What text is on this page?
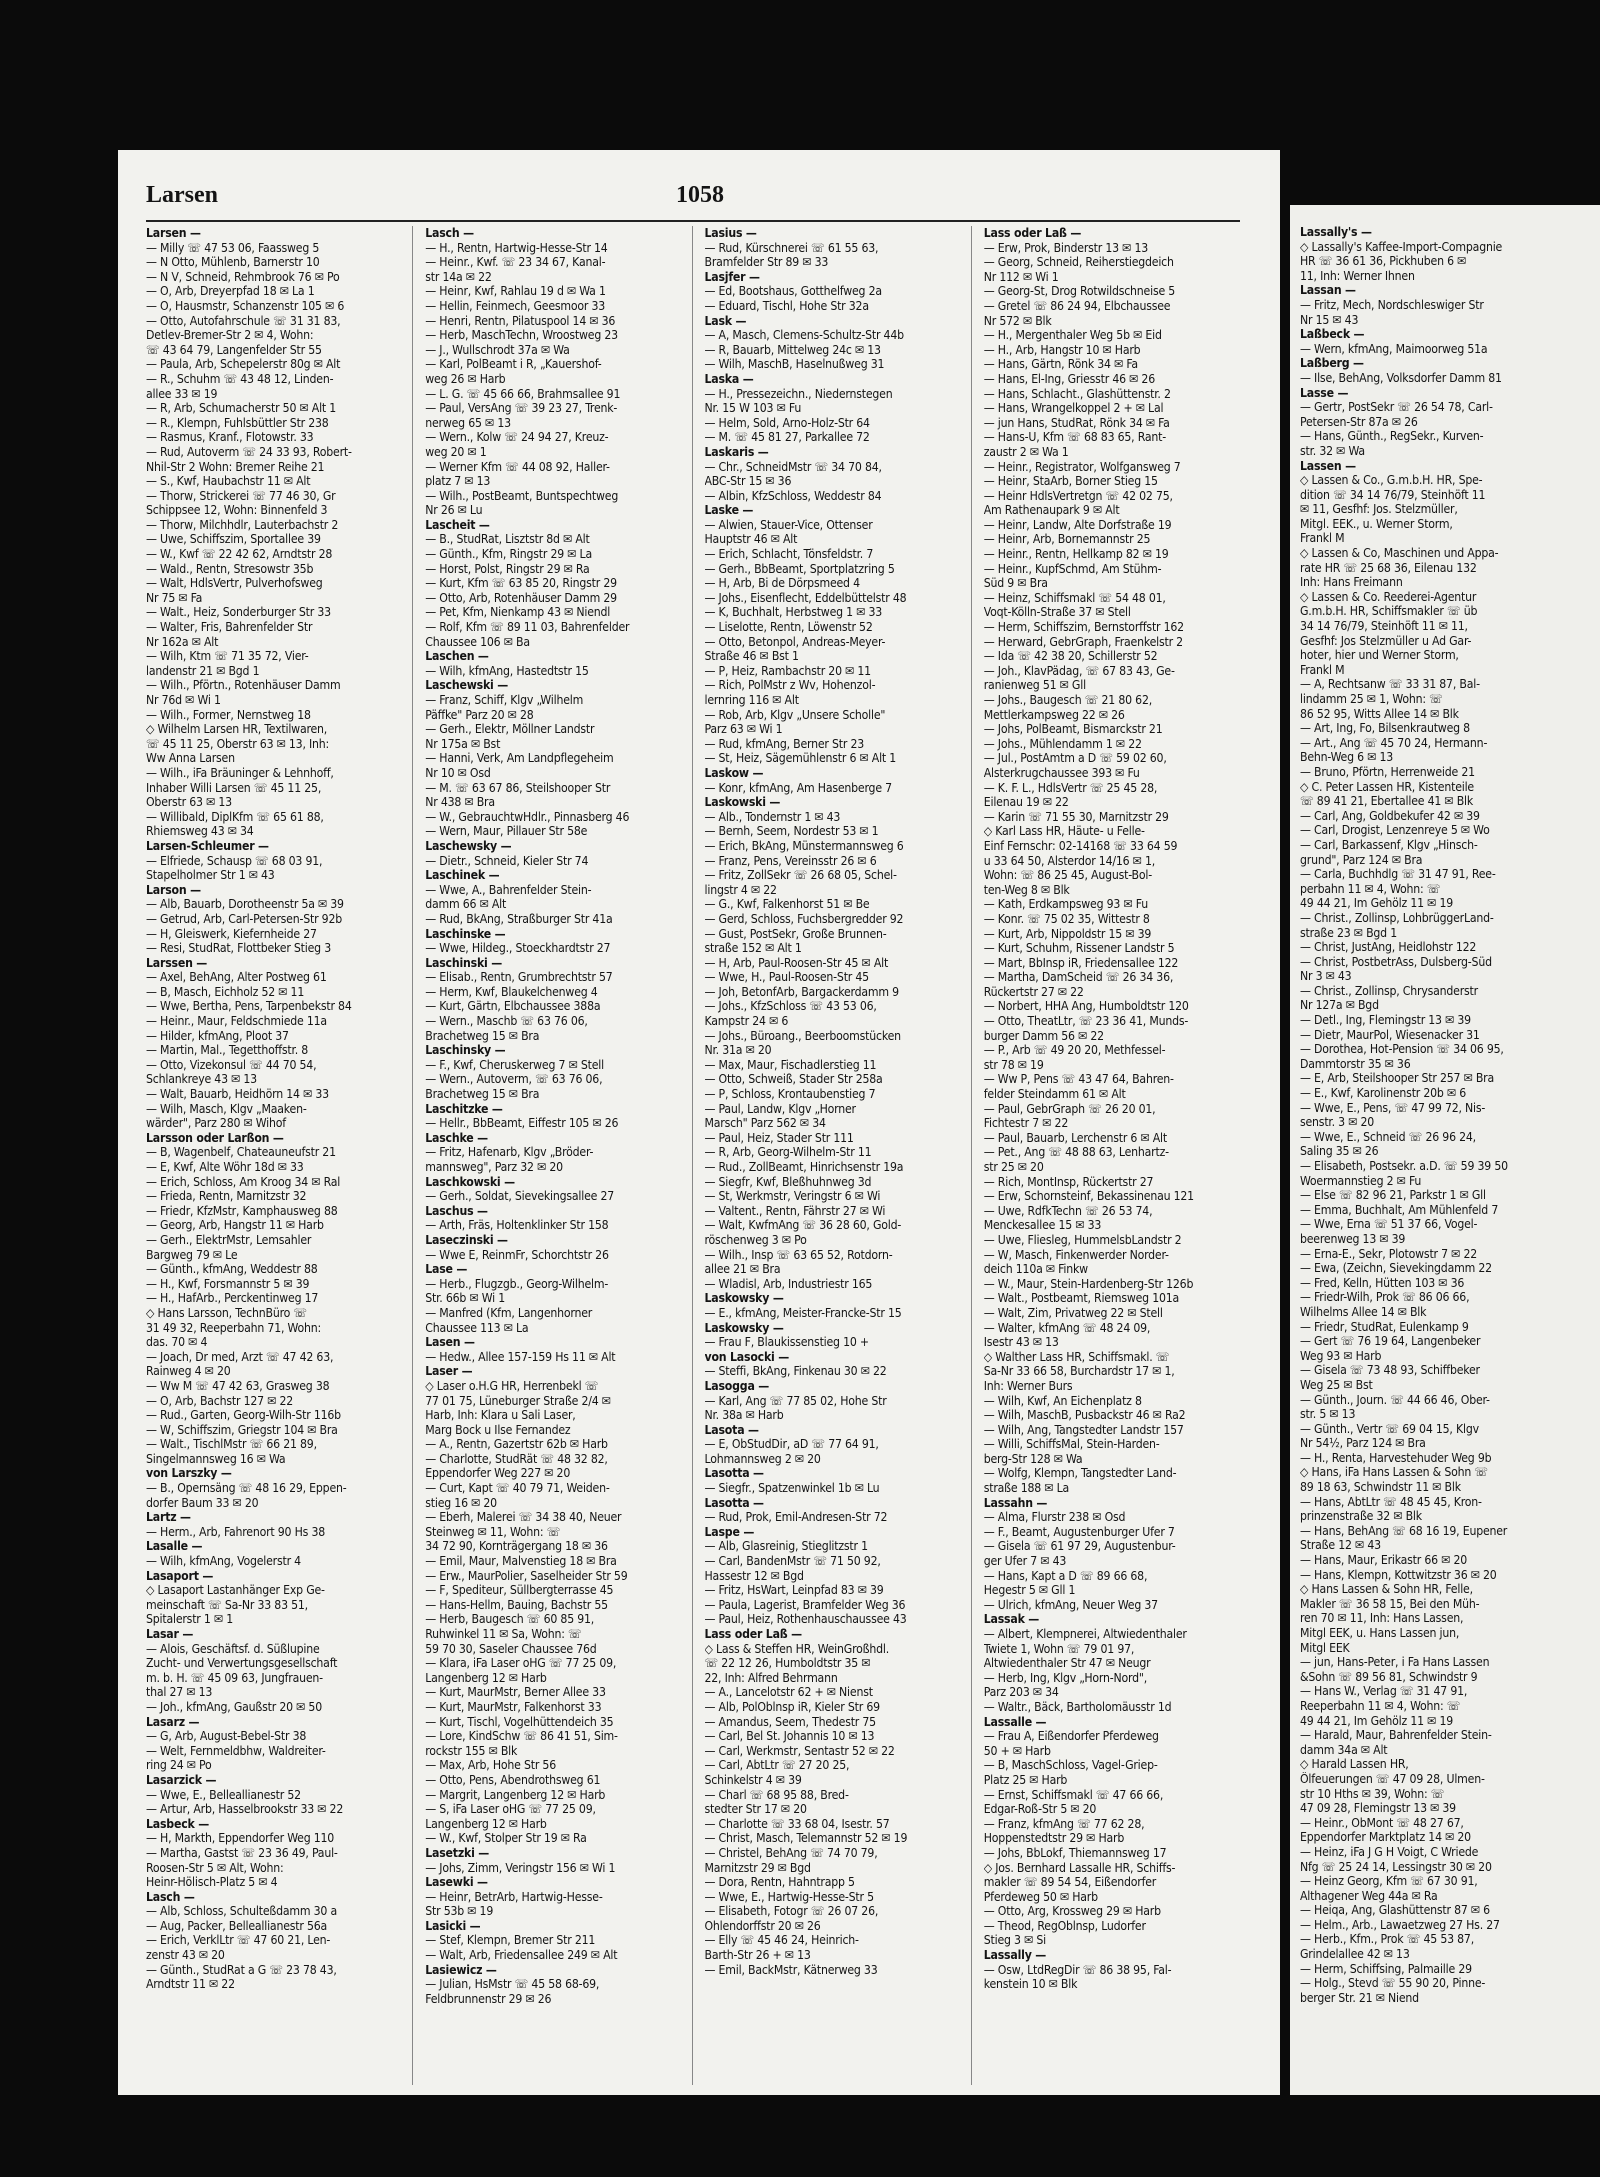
Larsen	1058
Larsen —
— Milly ☏ 47 53 06, Faassweg 5
— N Otto, Mühlenb, Barnerstr 10
— N V, Schneid, Rehmbrook 76 ✉ Po
— O, Arb, Dreyerpfad 18 ✉ La 1
— O, Hausmstr, Schanzenstr 105 ✉ 6
— Otto, Autofahrschule ☏ 31 31 83,
Detlev-Bremer-Str 2 ✉ 4, Wohn:
☏ 43 64 79, Langenfelder Str 55
— Paula, Arb, Schepelerstr 80g ✉ Alt
— R., Schuhm ☏ 43 48 12, Linden-
allee 33 ✉ 19
— R, Arb, Schumacherstr 50 ✉ Alt 1
— R., Klempn, Fuhlsbüttler Str 238
— Rasmus, Kranf., Flotowstr. 33
— Rud, Autoverm ☏ 24 33 93, Robert-
Nhil-Str 2 Wohn: Bremer Reihe 21
— S., Kwf, Haubachstr 11 ✉ Alt
— Thorw, Strickerei ☏ 77 46 30, Gr
Schippsee 12, Wohn: Binnenfeld 3
— Thorw, Milchhdlr, Lauterbachstr 2
— Uwe, Schiffszim, Sportallee 39
— W., Kwf ☏ 22 42 62, Arndtstr 28
— Wald., Rentn, Stresowstr 35b
— Walt, HdlsVertr, Pulverhofsweg
Nr 75 ✉ Fa
— Walt., Heiz, Sonderburger Str 33
— Walter, Fris, Bahrenfelder Str
Nr 162a ✉ Alt
— Wilh, Ktm ☏ 71 35 72, Vier-
landenstr 21 ✉ Bgd 1
— Wilh., Pförtn., Rotenhäuser Damm
Nr 76d ✉ Wi 1
— Wilh., Former, Nernstweg 18
◇ Wilhelm Larsen HR, Textilwaren,
☏ 45 11 25, Oberstr 63 ✉ 13, Inh:
Ww Anna Larsen
— Wilh., iFa Bräuninger & Lehnhoff,
Inhaber Willi Larsen ☏ 45 11 25,
Oberstr 63 ✉ 13
— Willibald, DiplKfm ☏ 65 61 88,
Rhiemsweg 43 ✉ 34
Larsen-Schleumer —
— Elfriede, Schausp ☏ 68 03 91,
Stapelholmer Str 1 ✉ 43
Larson —
— Alb, Bauarb, Dorotheenstr 5a ✉ 39
— Getrud, Arb, Carl-Petersen-Str 92b
— H, Gleiswerk, Kiefernheide 27
— Resi, StudRat, Flottbeker Stieg 3
Larssen —
— Axel, BehAng, Alter Postweg 61
— B, Masch, Eichholz 52 ✉ 11
— Wwe, Bertha, Pens, Tarpenbekstr 84
— Heinr., Maur, Feldschmiede 11a
— Hilder, kfmAng, Ploot 37
— Martin, Mal., Tegetthoffstr. 8
— Otto, Vizekonsul ☏ 44 70 54,
Schlankreye 43 ✉ 13
— Walt, Bauarb, Heidhörn 14 ✉ 33
— Wilh, Masch, Klgv „Maaken-
wärder", Parz 280 ✉ Wihof
Larsson oder Larßon —
— B, Wagenbelf, Chateauneufstr 21
— E, Kwf, Alte Wöhr 18d ✉ 33
— Erich, Schloss, Am Kroog 34 ✉ Ral
— Frieda, Rentn, Marnitzstr 32
— Friedr, KfzMstr, Kamphausweg 88
— Georg, Arb, Hangstr 11 ✉ Harb
— Gerh., ElektrMstr, Lemsahler
Bargweg 79 ✉ Le
— Günth., kfmAng, Weddestr 88
— H., Kwf, Forsmannstr 5 ✉ 39
— H., HafArb., Perckentinweg 17
◇ Hans Larsson, TechnBüro ☏
31 49 32, Reeperbahn 71, Wohn:
das. 70 ✉ 4
— Joach, Dr med, Arzt ☏ 47 42 63,
Rainweg 4 ✉ 20
— Ww M ☏ 47 42 63, Grasweg 38
— O, Arb, Bachstr 127 ✉ 22
— Rud., Garten, Georg-Wilh-Str 116b
— W, Schiffszim, Griegstr 104 ✉ Bra
— Walt., TischlMstr ☏ 66 21 89,
Singelmannsweg 16 ✉ Wa
von Larszky —
— B., Opernsäng ☏ 48 16 29, Eppen-
dorfer Baum 33 ✉ 20
Lartz —
— Herm., Arb, Fahrenort 90 Hs 38
Lasalle —
— Wilh, kfmAng, Vogelerstr 4
Lasaport —
◇ Lasaport Lastanhänger Exp Ge-
meinschaft ☏ Sa-Nr 33 83 51,
Spitalerstr 1 ✉ 1
Lasar —
— Alois, Geschäftsf. d. Süßlupine
Zucht- und Verwertungsgesellschaft
m. b. H. ☏ 45 09 63, Jungfrauen-
thal 27 ✉ 13
— Joh., kfmAng, Gaußstr 20 ✉ 50
Lasarz —
— G, Arb, August-Bebel-Str 38
— Welt, Fernmeldbhw, Waldreiter-
ring 24 ✉ Po
Lasarzick —
— Wwe, E., Belleallianestr 52
— Artur, Arb, Hasselbrookstr 33 ✉ 22
Lasbeck —
— H, Markth, Eppendorfer Weg 110
— Martha, Gastst ☏ 23 36 49, Paul-
Roosen-Str 5 ✉ Alt, Wohn:
Heinr-Hölisch-Platz 5 ✉ 4
Lasch —
— Alb, Schloss, Schulteßdamm 30 a
— Aug, Packer, Belleallianestr 56a
— Erich, VerklLtr ☏ 47 60 21, Len-
zenstr 43 ✉ 20
— Günth., StudRat a G ☏ 23 78 43,
Arndtstr 11 ✉ 22
Lasch —
— H., Rentn, Hartwig-Hesse-Str 14
— Heinr., Kwf. ☏ 23 34 67, Kanal-
str 14a ✉ 22
— Heinr, Kwf, Rahlau 19 d ✉ Wa 1
— Hellin, Feinmech, Geesmoor 33
— Henri, Rentn, Pilatuspool 14 ✉ 36
— Herb, MaschTechn, Wroostweg 23
— J., Wullschrodt 37a ✉ Wa
— Karl, PolBeamt i R, „Kauershof-
weg 26 ✉ Harb
— L. G. ☏ 45 66 66, Brahmsallee 91
— Paul, VersAng ☏ 39 23 27, Trenk-
nerweg 65 ✉ 13
— Wern., Kolw ☏ 24 94 27, Kreuz-
weg 20 ✉ 1
— Werner Kfm ☏ 44 08 92, Haller-
platz 7 ✉ 13
— Wilh., PostBeamt, Buntspechtweg
Nr 26 ✉ Lu
Lascheit —
— B., StudRat, Lisztstr 8d ✉ Alt
— Günth., Kfm, Ringstr 29 ✉ La
— Horst, Polst, Ringstr 29 ✉ Ra
— Kurt, Kfm ☏ 63 85 20, Ringstr 29
— Otto, Arb, Rotenhäuser Damm 29
— Pet, Kfm, Nienkamp 43 ✉ Niendl
— Rolf, Kfm ☏ 89 11 03, Bahrenfelder
Chaussee 106 ✉ Ba
Laschen —
— Wilh, kfmAng, Hastedtstr 15
Laschewski —
— Franz, Schiff, Klgv „Wilhelm
Päffke" Parz 20 ✉ 28
— Gerh., Elektr, Möllner Landstr
Nr 175a ✉ Bst
— Hanni, Verk, Am Landpflegeheim
Nr 10 ✉ Osd
— M. ☏ 63 67 86, Steilshooper Str
Nr 438 ✉ Bra
— W., GebrauchtwHdlr., Pinnasberg 46
— Wern, Maur, Pillauer Str 58e
Laschewsky —
— Dietr., Schneid, Kieler Str 74
Laschinek —
— Wwe, A., Bahrenfelder Stein-
damm 66 ✉ Alt
— Rud, BkAng, Straßburger Str 41a
Laschinske —
— Wwe, Hildeg., Stoeckhardtstr 27
Laschinski —
— Elisab., Rentn, Grumbrechtstr 57
— Herm, Kwf, Blaukelchenweg 4
— Kurt, Gärtn, Elbchaussee 388a
— Wern., Maschb ☏ 63 76 06,
Brachetweg 15 ✉ Bra
Laschinsky —
— F., Kwf, Cheruskerweg 7 ✉ Stell
— Wern., Autoverm, ☏ 63 76 06,
Brachetweg 15 ✉ Bra
Laschitzke —
— Hellr., BbBeamt, Eiffestr 105 ✉ 26
Laschke —
— Fritz, Hafenarb, Klgv „Bröder-
mannsweg", Parz 32 ✉ 20
Laschkowski —
— Gerh., Soldat, Sievekingsallee 27
Laschus —
— Arth, Fräs, Holtenklinker Str 158
Laseczinski —
— Wwe E, ReinmFr, Schorchtstr 26
Lase —
— Herb., Flugzgb., Georg-Wilhelm-
Str. 66b ✉ Wi 1
— Manfred (Kfm, Langenhorner
Chaussee 113 ✉ La
Lasen —
— Hedw., Allee 157-159 Hs 11 ✉ Alt
Laser —
◇ Laser o.H.G HR, Herrenbekl ☏
77 01 75, Lüneburger Straße 2/4 ✉
Harb, Inh: Klara u Sali Laser,
Marg Bock u Ilse Fernandez
— A., Rentn, Gazertstr 62b ✉ Harb
— Charlotte, StudRät ☏ 48 32 82,
Eppendorfer Weg 227 ✉ 20
— Curt, Kapt ☏ 40 79 71, Weiden-
stieg 16 ✉ 20
— Eberh, Malerei ☏ 34 38 40, Neuer
Steinweg ✉ 11, Wohn: ☏
34 72 90, Kornträgergang 18 ✉ 36
— Emil, Maur, Malvenstieg 18 ✉ Bra
— Erw., MaurPolier, Saselheider Str 59
— F, Spediteur, Süllbergterrasse 45
— Hans-Hellm, Bauing, Bachstr 55
— Herb, Baugesch ☏ 60 85 91,
Ruhwinkel 11 ✉ Sa, Wohn: ☏
59 70 30, Saseler Chaussee 76d
— Klara, iFa Laser oHG ☏ 77 25 09,
Langenberg 12 ✉ Harb
— Kurt, MaurMstr, Berner Allee 33
— Kurt, MaurMstr, Falkenhorst 33
— Kurt, Tischl, Vogelhüttendeich 35
— Lore, KindSchw ☏ 86 41 51, Sim-
rockstr 155 ✉ Blk
— Max, Arb, Hohe Str 56
— Otto, Pens, Abendrothsweg 61
— Margrit, Langenberg 12 ✉ Harb
— S, iFa Laser oHG ☏ 77 25 09,
Langenberg 12 ✉ Harb
— W., Kwf, Stolper Str 19 ✉ Ra
Lasetzki —
— Johs, Zimm, Veringstr 156 ✉ Wi 1
Lasewki —
— Heinr, BetrArb, Hartwig-Hesse-
Str 53b ✉ 19
Lasicki —
— Stef, Klempn, Bremer Str 211
— Walt, Arb, Friedensallee 249 ✉ Alt
Lasiewicz —
— Julian, HsMstr ☏ 45 58 68-69,
Feldbrunnenstr 29 ✉ 26
Lasius —
— Rud, Kürschnerei ☏ 61 55 63,
Bramfelder Str 89 ✉ 33
Lasjfer —
— Ed, Bootshaus, Gotthelfweg 2a
— Eduard, Tischl, Hohe Str 32a
Lask —
— A, Masch, Clemens-Schultz-Str 44b
— R, Bauarb, Mittelweg 24c ✉ 13
— Wilh, MaschB, Haselnußweg 31
Laska —
— H., Pressezeichn., Niedernstegen
Nr. 15 W 103 ✉ Fu
— Helm, Sold, Arno-Holz-Str 64
— M. ☏ 45 81 27, Parkallee 72
Laskaris —
— Chr., SchneidMstr ☏ 34 70 84,
ABC-Str 15 ✉ 36
— Albin, KfzSchloss, Weddestr 84
Laske —
— Alwien, Stauer-Vice, Ottenser
Hauptstr 46 ✉ Alt
— Erich, Schlacht, Tönsfeldstr. 7
— Gerh., BbBeamt, Sportplatzring 5
— H, Arb, Bi de Dörpsmeed 4
— Johs., Eisenflecht, Eddelbüttelstr 48
— K, Buchhalt, Herbstweg 1 ✉ 33
— Liselotte, Rentn, Löwenstr 52
— Otto, Betonpol, Andreas-Meyer-
Straße 46 ✉ Bst 1
— P, Heiz, Rambachstr 20 ✉ 11
— Rich, PolMstr z Wv, Hohenzol-
lernring 116 ✉ Alt
— Rob, Arb, Klgv „Unsere Scholle"
Parz 63 ✉ Wi 1
— Rud, kfmAng, Berner Str 23
— St, Heiz, Sägemühlenstr 6 ✉ Alt 1
Laskow —
— Konr, kfmAng, Am Hasenberge 7
Laskowski —
— Alb., Tondernstr 1 ✉ 43
— Bernh, Seem, Nordestr 53 ✉ 1
— Erich, BkAng, Münstermannsweg 6
— Franz, Pens, Vereinsstr 26 ✉ 6
— Fritz, ZollSekr ☏ 26 68 05, Schel-
lingstr 4 ✉ 22
— G., Kwf, Falkenhorst 51 ✉ Be
— Gerd, Schloss, Fuchsbergredder 92
— Gust, PostSekr, Große Brunnen-
straße 152 ✉ Alt 1
— H, Arb, Paul-Roosen-Str 45 ✉ Alt
— Wwe, H., Paul-Roosen-Str 45
— Joh, BetonfArb, Bargackerdamm 9
— Johs., KfzSchloss ☏ 43 53 06,
Kampstr 24 ✉ 6
— Johs., Büroang., Beerboomstücken
Nr. 31a ✉ 20
— Max, Maur, Fischadlerstieg 11
— Otto, Schweiß, Stader Str 258a
— P, Schloss, Krontaubenstieg 7
— Paul, Landw, Klgv „Horner
Marsch" Parz 562 ✉ 34
— Paul, Heiz, Stader Str 111
— R, Arb, Georg-Wilhelm-Str 11
— Rud., ZollBeamt, Hinrichsenstr 19a
— Siegfr, Kwf, Bleßhuhnweg 3d
— St, Werkmstr, Veringstr 6 ✉ Wi
— Valtent., Rentn, Fährstr 27 ✉ Wi
— Walt, KwfmAng ☏ 36 28 60, Gold-
röschenweg 3 ✉ Po
— Wilh., Insp ☏ 63 65 52, Rotdorn-
allee 21 ✉ Bra
— Wladisl, Arb, Industriestr 165
Laskowsky —
— E., kfmAng, Meister-Francke-Str 15
Laskowsky —
— Frau F, Blaukissenstieg 10 +
von Lasocki —
— Steffi, BkAng, Finkenau 30 ✉ 22
Lasogga —
— Karl, Ang ☏ 77 85 02, Hohe Str
Nr. 38a ✉ Harb
Lasota —
— E, ObStudDir, aD ☏ 77 64 91,
Lohmannsweg 2 ✉ 20
Lasotta —
— Siegfr., Spatzenwinkel 1b ✉ Lu
Lasotta —
— Rud, Prok, Emil-Andresen-Str 72
Laspe —
— Alb, Glasreinig, Stieglitzstr 1
— Carl, BandenMstr ☏ 71 50 92,
Hassestr 12 ✉ Bgd
— Fritz, HsWart, Leinpfad 83 ✉ 39
— Paula, Lagerist, Bramfelder Weg 36
— Paul, Heiz, Rothenhauschaussee 43
Lass oder Laß —
◇ Lass & Steffen HR, WeinGroßhdl.
☏ 22 12 26, Humboldtstr 35 ✉
22, Inh: Alfred Behrmann
— A., Lancelotstr 62 + ✉ Nienst
— Alb, PolOblnsp iR, Kieler Str 69
— Amandus, Seem, Thedestr 75
— Carl, Bel St. Johannis 10 ✉ 13
— Carl, Werkmstr, Sentastr 52 ✉ 22
— Carl, AbtLtr ☏ 27 20 25,
Schinkelstr 4 ✉ 39
— Charl ☏ 68 95 88, Bred-
stedter Str 17 ✉ 20
— Charlotte ☏ 33 68 04, Isestr. 57
— Christ, Masch, Telemannstr 52 ✉ 19
— Christel, BehAng ☏ 74 70 79,
Marnitzstr 29 ✉ Bgd
— Dora, Rentn, Hahntrapp 5
— Wwe, E., Hartwig-Hesse-Str 5
— Elisabeth, Fotogr ☏ 26 07 26,
Ohlendorffstr 20 ✉ 26
— Elly ☏ 45 46 24, Heinrich-
Barth-Str 26 + ✉ 13
— Emil, BackMstr, Kätnerweg 33
Lass oder Laß —
— Erw, Prok, Binderstr 13 ✉ 13
— Georg, Schneid, Reiherstiegdeich
Nr 112 ✉ Wi 1
— Georg-St, Drog Rotwildschneise 5
— Gretel ☏ 86 24 94, Elbchaussee
Nr 572 ✉ Blk
— H., Mergenthaler Weg 5b ✉ Eid
— H., Arb, Hangstr 10 ✉ Harb
— Hans, Gärtn, Rönk 34 ✉ Fa
— Hans, El-Ing, Griesstr 46 ✉ 26
— Hans, Schlacht., Glashüttenstr. 2
— Hans, Wrangelkoppel 2 + ✉ Lal
— jun Hans, StudRat, Rönk 34 ✉ Fa
— Hans-U, Kfm ☏ 68 83 65, Rant-
zaustr 2 ✉ Wa 1
— Heinr., Registrator, Wolfgansweg 7
— Heinr, StaArb, Borner Stieg 15
— Heinr HdlsVertretgn ☏ 42 02 75,
Am Rathenaupark 9 ✉ Alt
— Heinr, Landw, Alte Dorfstraße 19
— Heinr, Arb, Bornemannstr 25
— Heinr., Rentn, Hellkamp 82 ✉ 19
— Heinr., KupfSchmd, Am Stühm-
Süd 9 ✉ Bra
— Heinz, Schiffsmakl ☏ 54 48 01,
Voqt-Kölln-Straße 37 ✉ Stell
— Herm, Schiffszim, Bernstorffstr 162
— Herward, GebrGraph, Fraenkelstr 2
— Ida ☏ 42 38 20, Schillerstr 52
— Joh., KlavPädag, ☏ 67 83 43, Ge-
ranienweg 51 ✉ Gll
— Johs., Baugesch ☏ 21 80 62,
Mettlerkampsweg 22 ✉ 26
— Johs, PolBeamt, Bismarckstr 21
— Johs., Mühlendamm 1 ✉ 22
— Jul., PostAmtm a D ☏ 59 02 60,
Alsterkrugchaussee 393 ✉ Fu
— K. F. L., HdlsVertr ☏ 25 45 28,
Eilenau 19 ✉ 22
— Karin ☏ 71 55 30, Marnitzstr 29
◇ Karl Lass HR, Häute- u Felle-
Einf Fernschr: 02-14168 ☏ 33 64 59
u 33 64 50, Alsterdor 14/16 ✉ 1,
Wohn: ☏ 86 25 45, August-Bol-
ten-Weg 8 ✉ Blk
— Kath, Erdkampsweg 93 ✉ Fu
— Konr. ☏ 75 02 35, Wittestr 8
— Kurt, Arb, Nippoldstr 15 ✉ 39
— Kurt, Schuhm, Rissener Landstr 5
— Mart, BbInsp iR, Friedensallee 122
— Martha, DamScheid ☏ 26 34 36,
Rückertstr 27 ✉ 22
— Norbert, HHA Ang, Humboldtstr 120
— Otto, TheatLtr, ☏ 23 36 41, Munds-
burger Damm 56 ✉ 22
— P., Arb ☏ 49 20 20, Methfessel-
str 78 ✉ 19
— Ww P, Pens ☏ 43 47 64, Bahren-
felder Steindamm 61 ✉ Alt
— Paul, GebrGraph ☏ 26 20 01,
Fichtestr 7 ✉ 22
— Paul, Bauarb, Lerchenstr 6 ✉ Alt
— Pet., Ang ☏ 48 88 63, Lenhartz-
str 25 ✉ 20
— Rich, MontInsp, Rückertstr 27
— Erw, Schornsteinf, Bekassinenau 121
— Uwe, RdfkTechn ☏ 26 53 74,
Menckesallee 15 ✉ 33
— Uwe, Fliesleg, HummelsbLandstr 2
— W, Masch, Finkenwerder Norder-
deich 110a ✉ Finkw
— W., Maur, Stein-Hardenberg-Str 126b
— Walt., Postbeamt, Riemsweg 101a
— Walt, Zim, Privatweg 22 ✉ Stell
— Walter, kfmAng ☏ 48 24 09,
Isestr 43 ✉ 13
◇ Walther Lass HR, Schiffsmakl. ☏
Sa-Nr 33 66 58, Burchardstr 17 ✉ 1,
Inh: Werner Burs
— Wilh, Kwf, An Eichenplatz 8
— Wilh, MaschB, Pusbackstr 46 ✉ Ra2
— Wilh, Ang, Tangstedter Landstr 157
— Willi, SchiffsMal, Stein-Harden-
berg-Str 128 ✉ Wa
— Wolfg, Klempn, Tangstedter Land-
straße 188 ✉ La
Lassahn —
— Alma, Flurstr 238 ✉ Osd
— F., Beamt, Augustenburger Ufer 7
— Gisela ☏ 61 97 29, Augustenbur-
ger Ufer 7 ✉ 43
— Hans, Kapt a D ☏ 89 66 68,
Hegestr 5 ✉ Gll 1
— Ulrich, kfmAng, Neuer Weg 37
Lassak —
— Albert, Klempnerei, Altwiedenthaler
Twiete 1, Wohn ☏ 79 01 97,
Altwiedenthaler Str 47 ✉ Neugr
— Herb, Ing, Klgv „Horn-Nord",
Parz 203 ✉ 34
— Waltr., Bäck, Bartholomäusstr 1d
Lassalle —
— Frau A, Eißendorfer Pferdeweg
50 + ✉ Harb
— B, MaschSchloss, Vagel-Griep-
Platz 25 ✉ Harb
— Ernst, Schiffsmakl ☏ 47 66 66,
Edgar-Roß-Str 5 ✉ 20
— Franz, kfmAng ☏ 77 62 28,
Hoppenstedtstr 29 ✉ Harb
— Johs, BbLokf, Thiemannsweg 17
◇ Jos. Bernhard Lassalle HR, Schiffs-
makler ☏ 89 54 54, Eißendorfer
Pferdeweg 50 ✉ Harb
— Otto, Arg, Krossweg 29 ✉ Harb
— Theod, RegOblnsp, Ludorfer
Stieg 3 ✉ Si
Lassally —
— Osw, LtdRegDir ☏ 86 38 95, Fal-
kenstein 10 ✉ Blk
Lassally's —
◇ Lassally's Kaffee-Import-Compagnie
HR ☏ 36 61 36, Pickhuben 6 ✉
11, Inh: Werner Ihnen
Lassan —
— Fritz, Mech, Nordschleswiger Str
Nr 15 ✉ 43
Laßbeck —
— Wern, kfmAng, Maimoorweg 51a
Laßberg —
— Ilse, BehAng, Volksdorfer Damm 81
Lasse —
— Gertr, PostSekr ☏ 26 54 78, Carl-
Petersen-Str 87a ✉ 26
— Hans, Günth., RegSekr., Kurven-
str. 32 ✉ Wa
Lassen —
◇ Lassen & Co., G.m.b.H. HR, Spe-
dition ☏ 34 14 76/79, Steinhöft 11
✉ 11, Gesfhf: Jos. Stelzmüller,
Mitgl. EEK., u. Werner Storm,
Frankl M
◇ Lassen & Co, Maschinen und Appa-
rate HR ☏ 25 68 36, Eilenau 132
Inh: Hans Freimann
◇ Lassen & Co. Reederei-Agentur
G.m.b.H. HR, Schiffsmakler ☏ üb
34 14 76/79, Steinhöft 11 ✉ 11,
Gesfhf: Jos Stelzmüller u Ad Gar-
hoter, hier und Werner Storm,
Frankl M
— A, Rechtsanw ☏ 33 31 87, Bal-
lindamm 25 ✉ 1, Wohn: ☏
86 52 95, Witts Allee 14 ✉ Blk
— Art, Ing, Fo, Bilsenkrautweg 8
— Art., Ang ☏ 45 70 24, Hermann-
Behn-Weg 6 ✉ 13
— Bruno, Pförtn, Herrenweide 21
◇ C. Peter Lassen HR, Kistenteile
☏ 89 41 21, Ebertallee 41 ✉ Blk
— Carl, Ang, Goldbekufer 42 ✉ 39
— Carl, Drogist, Lenzenreye 5 ✉ Wo
— Carl, Barkassenf, Klgv „Hinsch-
grund", Parz 124 ✉ Bra
— Carla, Buchhdlg ☏ 31 47 91, Ree-
perbahn 11 ✉ 4, Wohn: ☏
49 44 21, Im Gehölz 11 ✉ 19
— Christ., Zollinsp, LohbrüggerLand-
straße 23 ✉ Bgd 1
— Christ, JustAng, Heidlohstr 122
— Christ, PostbetrAss, Dulsberg-Süd
Nr 3 ✉ 43
— Christ., Zollinsp, Chrysanderstr
Nr 127a ✉ Bgd
— Detl., Ing, Flemingstr 13 ✉ 39
— Dietr, MaurPol, Wiesenacker 31
— Dorothea, Hot-Pension ☏ 34 06 95,
Dammtorstr 35 ✉ 36
— E, Arb, Steilshooper Str 257 ✉ Bra
— E., Kwf, Karolinenstr 20b ✉ 6
— Wwe, E., Pens, ☏ 47 99 72, Nis-
senstr. 3 ✉ 20
— Wwe, E., Schneid ☏ 26 96 24,
Saling 35 ✉ 26
— Elisabeth, Postsekr. a.D. ☏ 59 39 50
Woermannstieg 2 ✉ Fu
— Else ☏ 82 96 21, Parkstr 1 ✉ Gll
— Emma, Buchhalt, Am Mühlenfeld 7
— Wwe, Erna ☏ 51 37 66, Vogel-
beerenweg 13 ✉ 39
— Erna-E., Sekr, Plotowstr 7 ✉ 22
— Ewa, (Zeichn, Sievekingdamm 22
— Fred, Kelln, Hütten 103 ✉ 36
— Friedr-Wilh, Prok ☏ 86 06 66,
Wilhelms Allee 14 ✉ Blk
— Friedr, StudRat, Eulenkamp 9
— Gert ☏ 76 19 64, Langenbeker
Weg 93 ✉ Harb
— Gisela ☏ 73 48 93, Schiffbeker
Weg 25 ✉ Bst
— Günth., Journ. ☏ 44 66 46, Ober-
str. 5 ✉ 13
— Günth., Vertr ☏ 69 04 15, Klgv
Nr 54½, Parz 124 ✉ Bra
— H., Renta, Harvestehuder Weg 9b
◇ Hans, iFa Hans Lassen & Sohn ☏
89 18 63, Schwindstr 11 ✉ Blk
— Hans, AbtLtr ☏ 48 45 45, Kron-
prinzenstraße 32 ✉ Blk
— Hans, BehAng ☏ 68 16 19, Eupener
Straße 12 ✉ 43
— Hans, Maur, Erikastr 66 ✉ 20
— Hans, Klempn, Kottwitzstr 36 ✉ 20
◇ Hans Lassen & Sohn HR, Felle,
Makler ☏ 36 58 15, Bei den Müh-
ren 70 ✉ 11, Inh: Hans Lassen,
Mitgl EEK, u. Hans Lassen jun,
Mitgl EEK
— jun, Hans-Peter, i Fa Hans Lassen
&Sohn ☏ 89 56 81, Schwindstr 9
— Hans W., Verlag ☏ 31 47 91,
Reeperbahn 11 ✉ 4, Wohn: ☏
49 44 21, Im Gehölz 11 ✉ 19
— Harald, Maur, Bahrenfelder Stein-
damm 34a ✉ Alt
◇ Harald Lassen HR,
Ölfeuerungen ☏ 47 09 28, Ulmen-
str 10 Hths ✉ 39, Wohn: ☏
47 09 28, Flemingstr 13 ✉ 39
— Heinr., ObMont ☏ 48 27 67,
Eppendorfer Marktplatz 14 ✉ 20
— Heinz, iFa J G H Voigt, C Wriede
Nfg ☏ 25 24 14, Lessingstr 30 ✉ 20
— Heinz Georg, Kfm ☏ 67 30 91,
Althagener Weg 44a ✉ Ra
— Heiqa, Ang, Glashüttenstr 87 ✉ 6
— Helm., Arb., Lawaetzweg 27 Hs. 27
— Herb., Kfm., Prok ☏ 45 53 87,
Grindelallee 42 ✉ 13
— Herm, Schiffsing, Palmaille 29
— Holg., Stevd ☏ 55 90 20, Pinne-
berger Str. 21 ✉ Niend
